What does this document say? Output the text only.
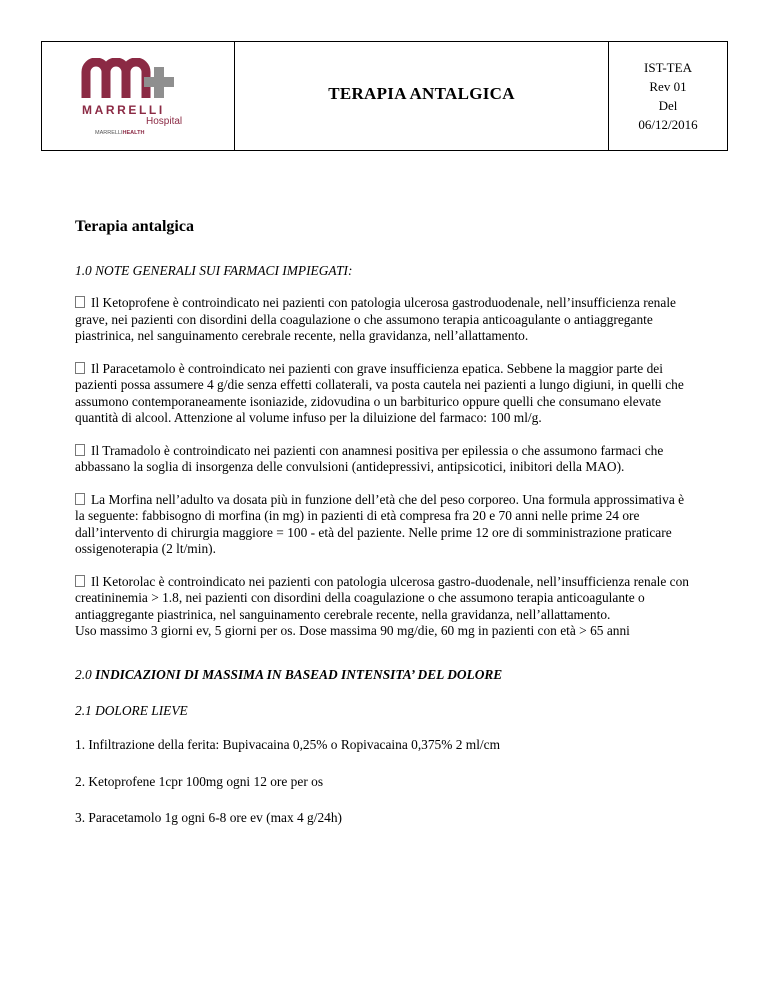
MARRELLI
Hospital
MARRELLIHEALTH
TERAPIA ANTALGICA
IST-TEA
Rev 01
Del
06/12/2016

Terapia antalgica

1.0 NOTE GENERALI SUI FARMACI IMPIEGATI:
Il Ketoprofene è controindicato nei pazienti con patologia ulcerosa gastroduodenale, nell’insufficienza renale grave, nei pazienti con disordini della coagulazione o che assumono terapia anticoagulante o antiaggregante piastrinica, nel sanguinamento cerebrale recente, nella gravidanza, nell’allattamento.
Il Paracetamolo è controindicato nei pazienti con grave insufficienza epatica. Sebbene la maggior parte dei pazienti possa assumere 4 g/die senza effetti collaterali, va posta cautela nei pazienti a lungo digiuni, in quelli che assumono contemporaneamente isoniazide, zidovudina o un barbiturico oppure quelli che consumano elevate quantità di alcool. Attenzione al volume infuso per la diluizione del farmaco: 100 ml/g.
Il Tramadolo è controindicato nei pazienti con anamnesi positiva per epilessia o che assumono farmaci che abbassano la soglia di insorgenza delle convulsioni (antidepressivi, antipsicotici, inibitori della MAO).
La Morfina nell’adulto va dosata più in funzione dell’età che del peso corporeo. Una formula approssimativa è la seguente: fabbisogno di morfina (in mg) in pazienti di età compresa fra 20 e 70 anni nelle prime 24 ore dall’intervento di chirurgia maggiore = 100 - età del paziente. Nelle prime 12 ore di somministrazione praticare ossigenoterapia (2 lt/min).
Il Ketorolac è controindicato nei pazienti con patologia ulcerosa gastro-duodenale, nell’insufficienza renale con creatininemia > 1.8, nei pazienti con disordini della coagulazione o che assumono terapia anticoagulante o antiaggregante piastrinica, nel sanguinamento cerebrale recente, nella gravidanza, nell’allattamento.
Uso massimo 3 giorni ev, 5 giorni per os. Dose massima 90 mg/die, 60 mg in pazienti con età > 65 anni
2.0 INDICAZIONI DI MASSIMA IN BASEAD INTENSITA’ DEL DOLORE
2.1 DOLORE LIEVE
1. Infiltrazione della ferita: Bupivacaina 0,25% o Ropivacaina 0,375% 2 ml/cm
2. Ketoprofene 1cpr 100mg ogni 12 ore per os
3. Paracetamolo 1g ogni 6-8 ore ev (max 4 g/24h)
